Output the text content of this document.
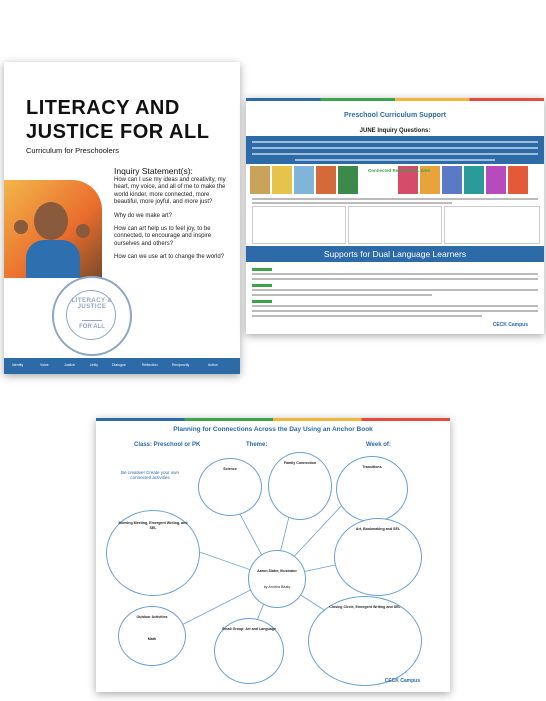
LITERACY AND
JUSTICE FOR ALL
Curriculum for Preschoolers
Inquiry Statement(s):

How can I use my ideas and creativity, my heart, my voice, and all of me to make the world kinder, more connected, more beautiful, more joyful, and more just?

Why do we make art?

How can art help us to feel joy, to be connected, to encourage and inspire ourselves and others?

How can we use art to change the world?

LITERACY & JUSTICE
FOR ALL
Identity	Voice	Justice	Unity	Dialogue	Reflection	Reciprocity	Action
Preschool Curriculum Support
JUNE Inquiry Questions:
Connected Reads REAL time
Supports for Dual Language Learners
CECK Campus
Planning for Connections Across the Day Using an Anchor Book
Class: Preschool or PK	Theme:	Week of:
Aaron Slater, Illustrator
by Andrea Beaty
Science
Family Connection
Transitions
Morning Meeting, Emergent Writing, and SEL	Art, Bookmaking and SEL
Outdoor Activities
Math
Small Group: Art and Language
Closing Circle, Emergent Writing and SEL
Be creative! Create your own connected activities
CECK Campus
